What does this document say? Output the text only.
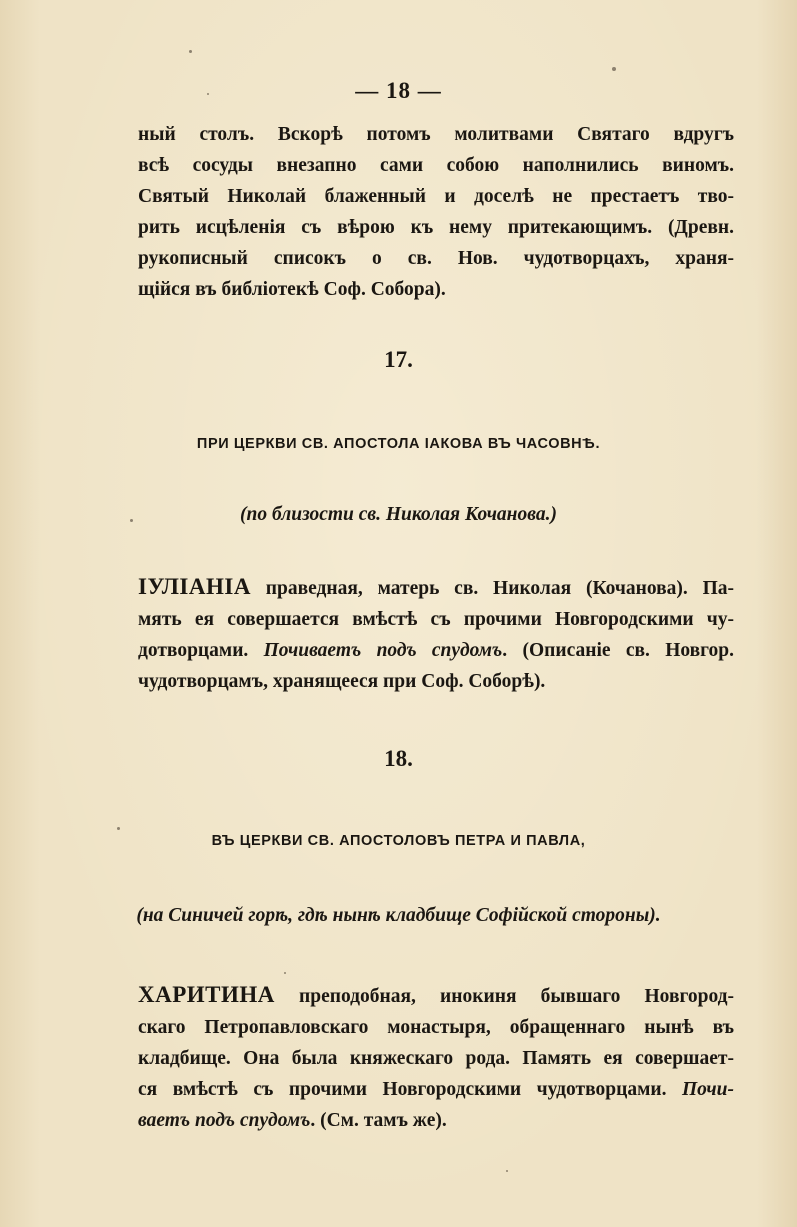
— 18 —
ный столъ. Вскорѣ потомъ молитвами Святаго вдругъ
всѣ сосуды внезапно сами собою наполнились виномъ.
Святый Николай блаженный и доселѣ не престаетъ тво-
рить исцѣленія съ вѣрою къ нему притекающимъ. (Древн.
рукописный списокъ о св. Нов. чудотворцахъ, храня-
щійся въ библіотекѣ Соф. Собора).
17.
ПРИ ЦЕРКВИ СВ. АПОСТОЛА ІАКОВА ВЪ ЧАСОВНѢ.
(по близости св. Николая Кочанова.)
ІУЛІАНІА праведная, матерь св. Николая (Кочанова). Па-
мять ея совершается вмѣстѣ съ прочими Новгородскими чу-
дотворцами. Почиваетъ подъ спудомъ. (Описаніе св. Новгор.
чудотворцамъ, хранящееся при Соф. Соборѣ).
18.
ВЪ ЦЕРКВИ СВ. АПОСТОЛОВЪ ПЕТРА И ПАВЛА,
(на Синичей горѣ, гдѣ нынѣ кладбище Софійской стороны).
ХАРИТИНА преподобная, инокиня бывшаго Новгород-
скаго Петропавловскаго монастыря, обращеннаго нынѣ въ
кладбище. Она была княжескаго рода. Память ея совершает-
ся вмѣстѣ съ прочими Новгородскими чудотворцами. Почи-
ваетъ подъ спудомъ. (См. тамъ же).
